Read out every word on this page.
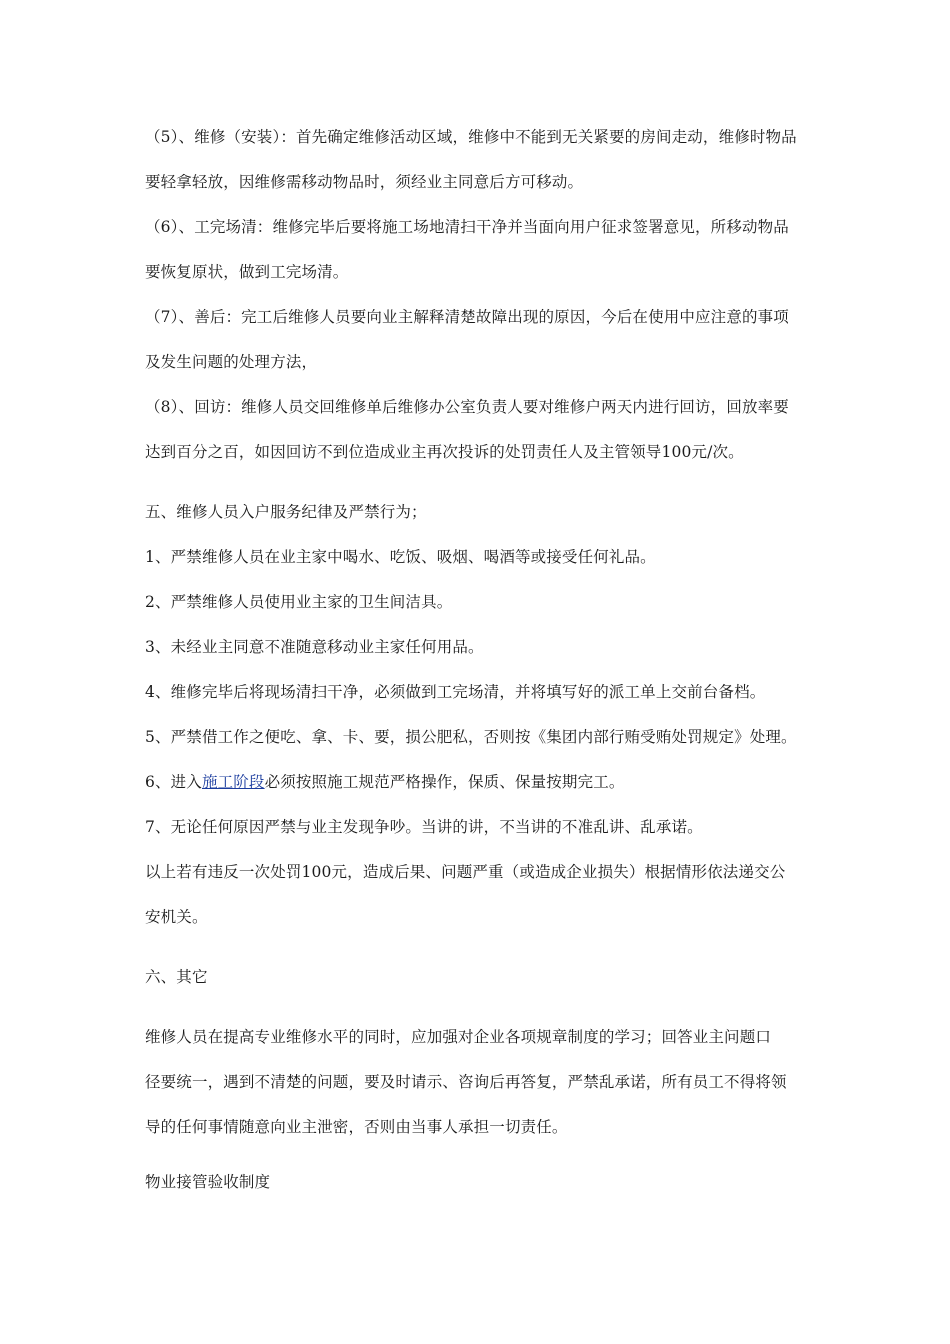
（5）、维修（安装）：首先确定维修活动区域，维修中不能到无关紧要的房间走动，维修时物品
要轻拿轻放，因维修需移动物品时，须经业主同意后方可移动。
（6）、工完场清：维修完毕后要将施工场地清扫干净并当面向用户征求签署意见，所移动物品
要恢复原状，做到工完场清。
（7）、善后：完工后维修人员要向业主解释清楚故障出现的原因，今后在使用中应注意的事项
及发生问题的处理方法，
（8）、回访：维修人员交回维修单后维修办公室负责人要对维修户两天内进行回访，回放率要
达到百分之百，如因回访不到位造成业主再次投诉的处罚责任人及主管领导100元/次。
五、维修人员入户服务纪律及严禁行为；
1、严禁维修人员在业主家中喝水、吃饭、吸烟、喝酒等或接受任何礼品。
2、严禁维修人员使用业主家的卫生间洁具。
3、未经业主同意不准随意移动业主家任何用品。
4、维修完毕后将现场清扫干净，必须做到工完场清，并将填写好的派工单上交前台备档。
5、严禁借工作之便吃、拿、卡、要，损公肥私，否则按《集团内部行贿受贿处罚规定》处理。
6、进入施工阶段必须按照施工规范严格操作，保质、保量按期完工。
7、无论任何原因严禁与业主发现争吵。当讲的讲，不当讲的不准乱讲、乱承诺。
以上若有违反一次处罚100元，造成后果、问题严重（或造成企业损失）根据情形依法递交公
安机关。
六、其它
维修人员在提高专业维修水平的同时，应加强对企业各项规章制度的学习；回答业主问题口
径要统一，遇到不清楚的问题，要及时请示、咨询后再答复，严禁乱承诺，所有员工不得将领
导的任何事情随意向业主泄密，否则由当事人承担一切责任。
物业接管验收制度
